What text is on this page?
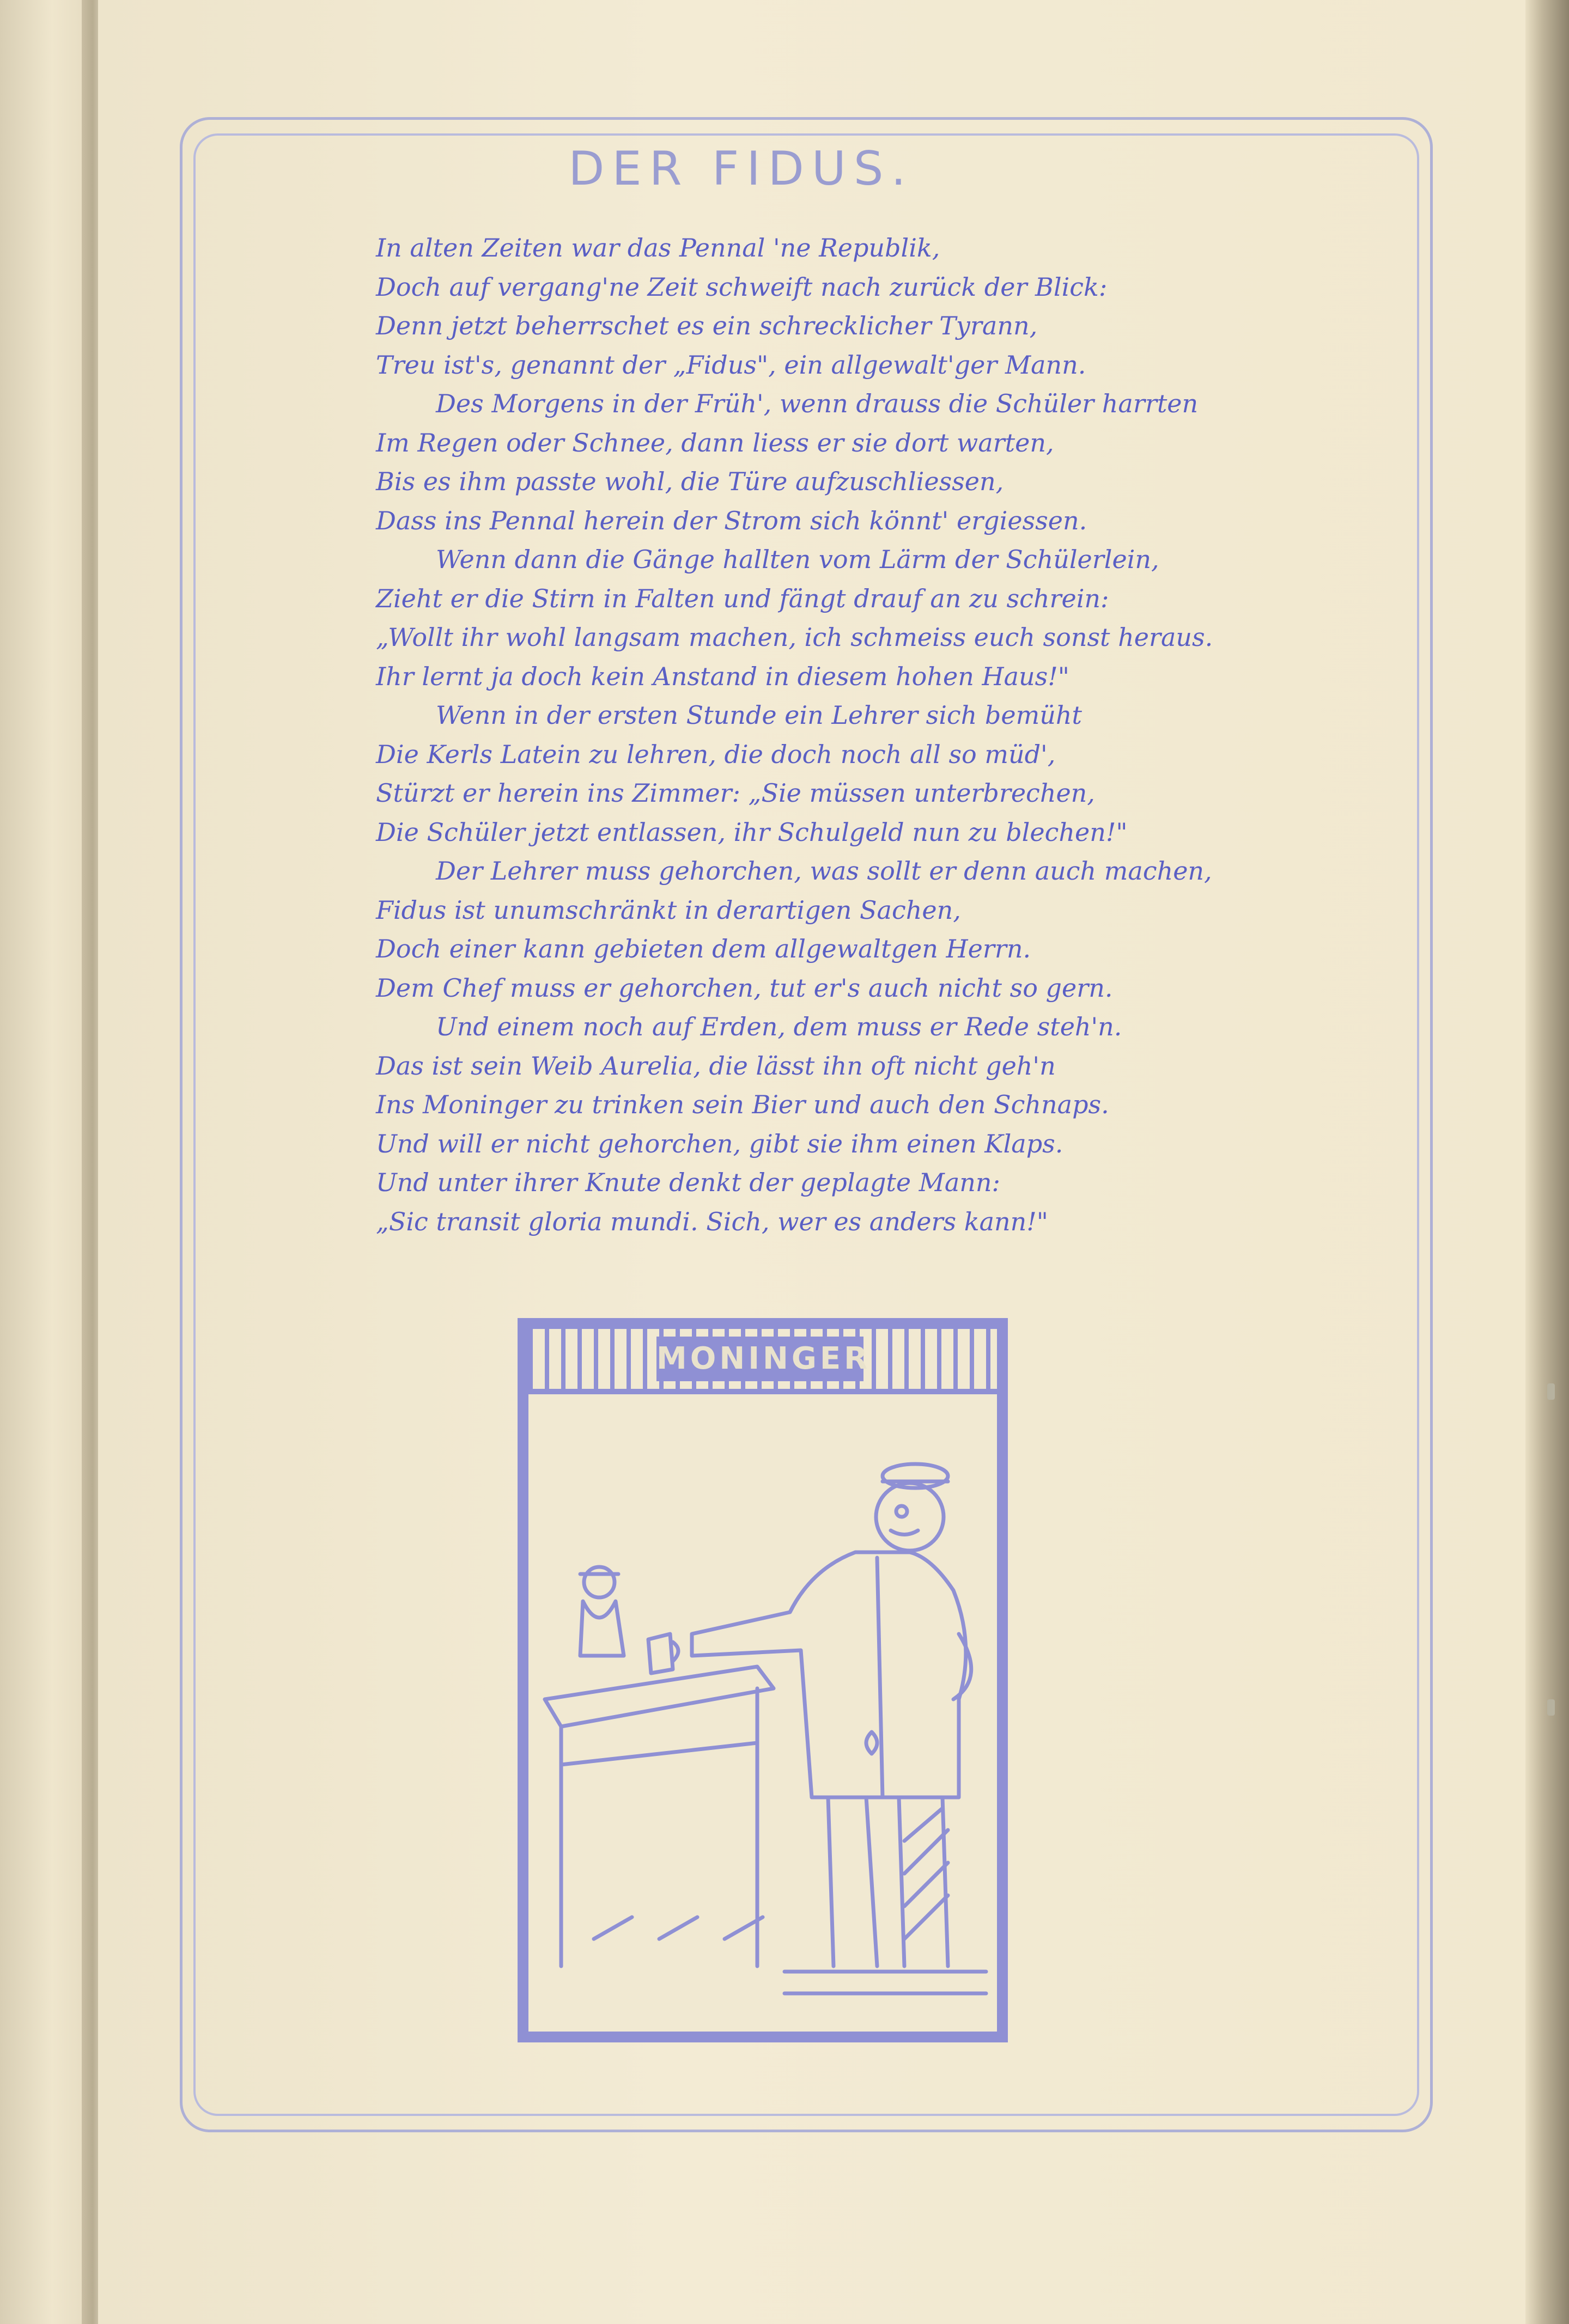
DER FIDUS.
In alten Zeiten war das Pennal 'ne Republik,
Doch auf vergang'ne Zeit schweift nach zurück der Blick:
Denn jetzt beherrschet es ein schrecklicher Tyrann,
Treu ist's, genannt der „Fidus", ein allgewalt'ger Mann.
Des Morgens in der Früh', wenn drauss die Schüler harrten
Im Regen oder Schnee, dann liess er sie dort warten,
Bis es ihm passte wohl, die Türe aufzuschliessen,
Dass ins Pennal herein der Strom sich könnt' ergiessen.
Wenn dann die Gänge hallten vom Lärm der Schülerlein,
Zieht er die Stirn in Falten und fängt drauf an zu schrein:
„Wollt ihr wohl langsam machen, ich schmeiss euch sonst heraus.
Ihr lernt ja doch kein Anstand in diesem hohen Haus!"
Wenn in der ersten Stunde ein Lehrer sich bemüht
Die Kerls Latein zu lehren, die doch noch all so müd',
Stürzt er herein ins Zimmer: „Sie müssen unterbrechen,
Die Schüler jetzt entlassen, ihr Schulgeld nun zu blechen!"
Der Lehrer muss gehorchen, was sollt er denn auch machen,
Fidus ist unumschränkt in derartigen Sachen,
Doch einer kann gebieten dem allgewaltgen Herrn.
Dem Chef muss er gehorchen, tut er's auch nicht so gern.
Und einem noch auf Erden, dem muss er Rede steh'n.
Das ist sein Weib Aurelia, die lässt ihn oft nicht geh'n
Ins Moninger zu trinken sein Bier und auch den Schnaps.
Und will er nicht gehorchen, gibt sie ihm einen Klaps.
Und unter ihrer Knute denkt der geplagte Mann:
„Sic transit gloria mundi. Sich, wer es anders kann!"
MONINGER
